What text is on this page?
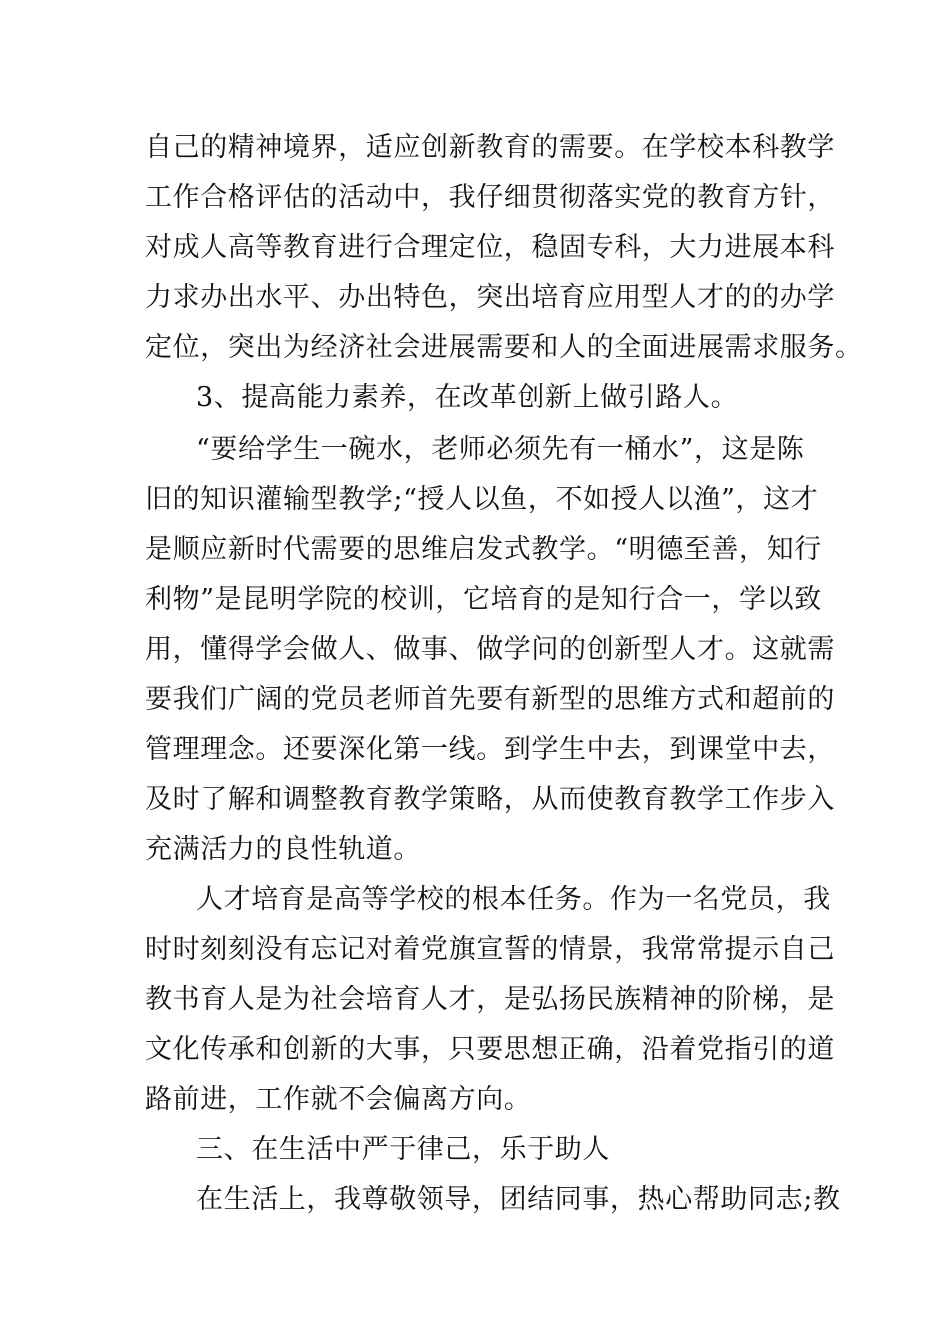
自己的精神境界，适应创新教育的需要。在学校本科教学
工作合格评估的活动中，我仔细贯彻落实党的教育方针，
对成人高等教育进行合理定位，稳固专科，大力进展本科
力求办出水平、办出特色，突出培育应用型人才的的办学
定位，突出为经济社会进展需要和人的全面进展需求服务。
3、提高能力素养，在改革创新上做引路人。
“要给学生一碗水，老师必须先有一桶水”，这是陈
旧的知识灌输型教学;“授人以鱼，不如授人以渔”，这才
是顺应新时代需要的思维启发式教学。“明德至善，知行
利物”是昆明学院的校训，它培育的是知行合一，学以致
用，懂得学会做人、做事、做学问的创新型人才。这就需
要我们广阔的党员老师首先要有新型的思维方式和超前的
管理理念。还要深化第一线。到学生中去，到课堂中去，
及时了解和调整教育教学策略，从而使教育教学工作步入
充满活力的良性轨道。
人才培育是高等学校的根本任务。作为一名党员，我
时时刻刻没有忘记对着党旗宣誓的情景，我常常提示自己
教书育人是为社会培育人才，是弘扬民族精神的阶梯，是
文化传承和创新的大事，只要思想正确，沿着党指引的道
路前进，工作就不会偏离方向。
三、在生活中严于律己，乐于助人
在生活上，我尊敬领导，团结同事，热心帮助同志;教
